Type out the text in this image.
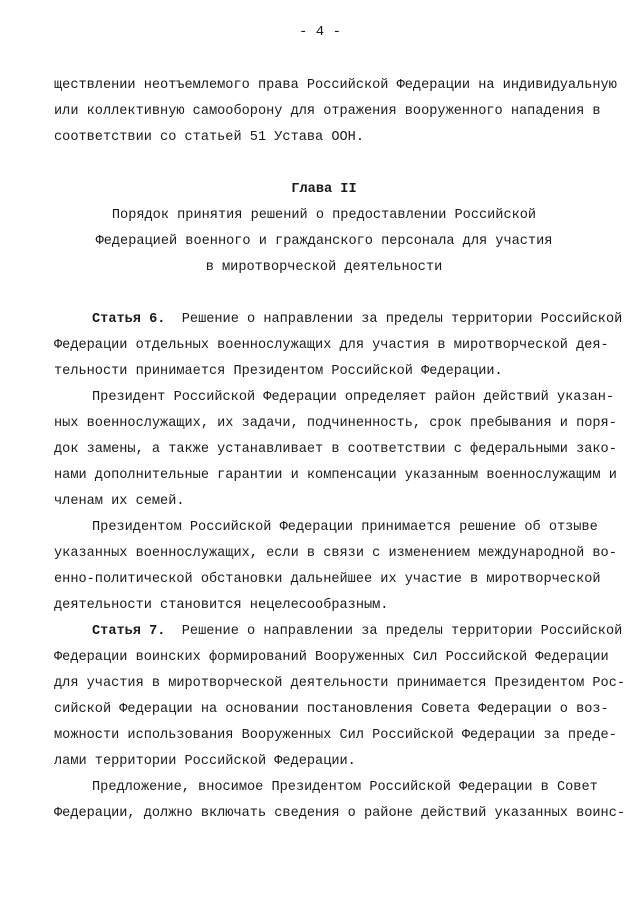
- 4 -
ществлении неотъемлемого права Российской Федерации на индивидуальную
или коллективную самооборону для отражения вооруженного нападения в
соответствии со статьей 51 Устава ООН.
Глава II
Порядок принятия решений о предоставлении Российской
Федерацией военного и гражданского персонала для участия
в миротворческой деятельности
Статья 6. Решение о направлении за пределы территории Российской
Федерации отдельных военнослужащих для участия в миротворческой дея-
тельности принимается Президентом Российской Федерации.
Президент Российской Федерации определяет район действий указан-
ных военнослужащих, их задачи, подчиненность, срок пребывания и поря-
док замены, а также устанавливает в соответствии с федеральными зако-
нами дополнительные гарантии и компенсации указанным военнослужащим и
членам их семей.
Президентом Российской Федерации принимается решение об отзыве
указанных военнослужащих, если в связи с изменением международной во-
енно-политической обстановки дальнейшее их участие в миротворческой
деятельности становится нецелесообразным.
Статья 7. Решение о направлении за пределы территории Российской
Федерации воинских формирований Вооруженных Сил Российской Федерации
для участия в миротворческой деятельности принимается Президентом Рос-
сийской Федерации на основании постановления Совета Федерации о воз-
можности использования Вооруженных Сил Российской Федерации за преде-
лами территории Российской Федерации.
Предложение, вносимое Президентом Российской Федерации в Совет
Федерации, должно включать сведения о районе действий указанных воинс-
